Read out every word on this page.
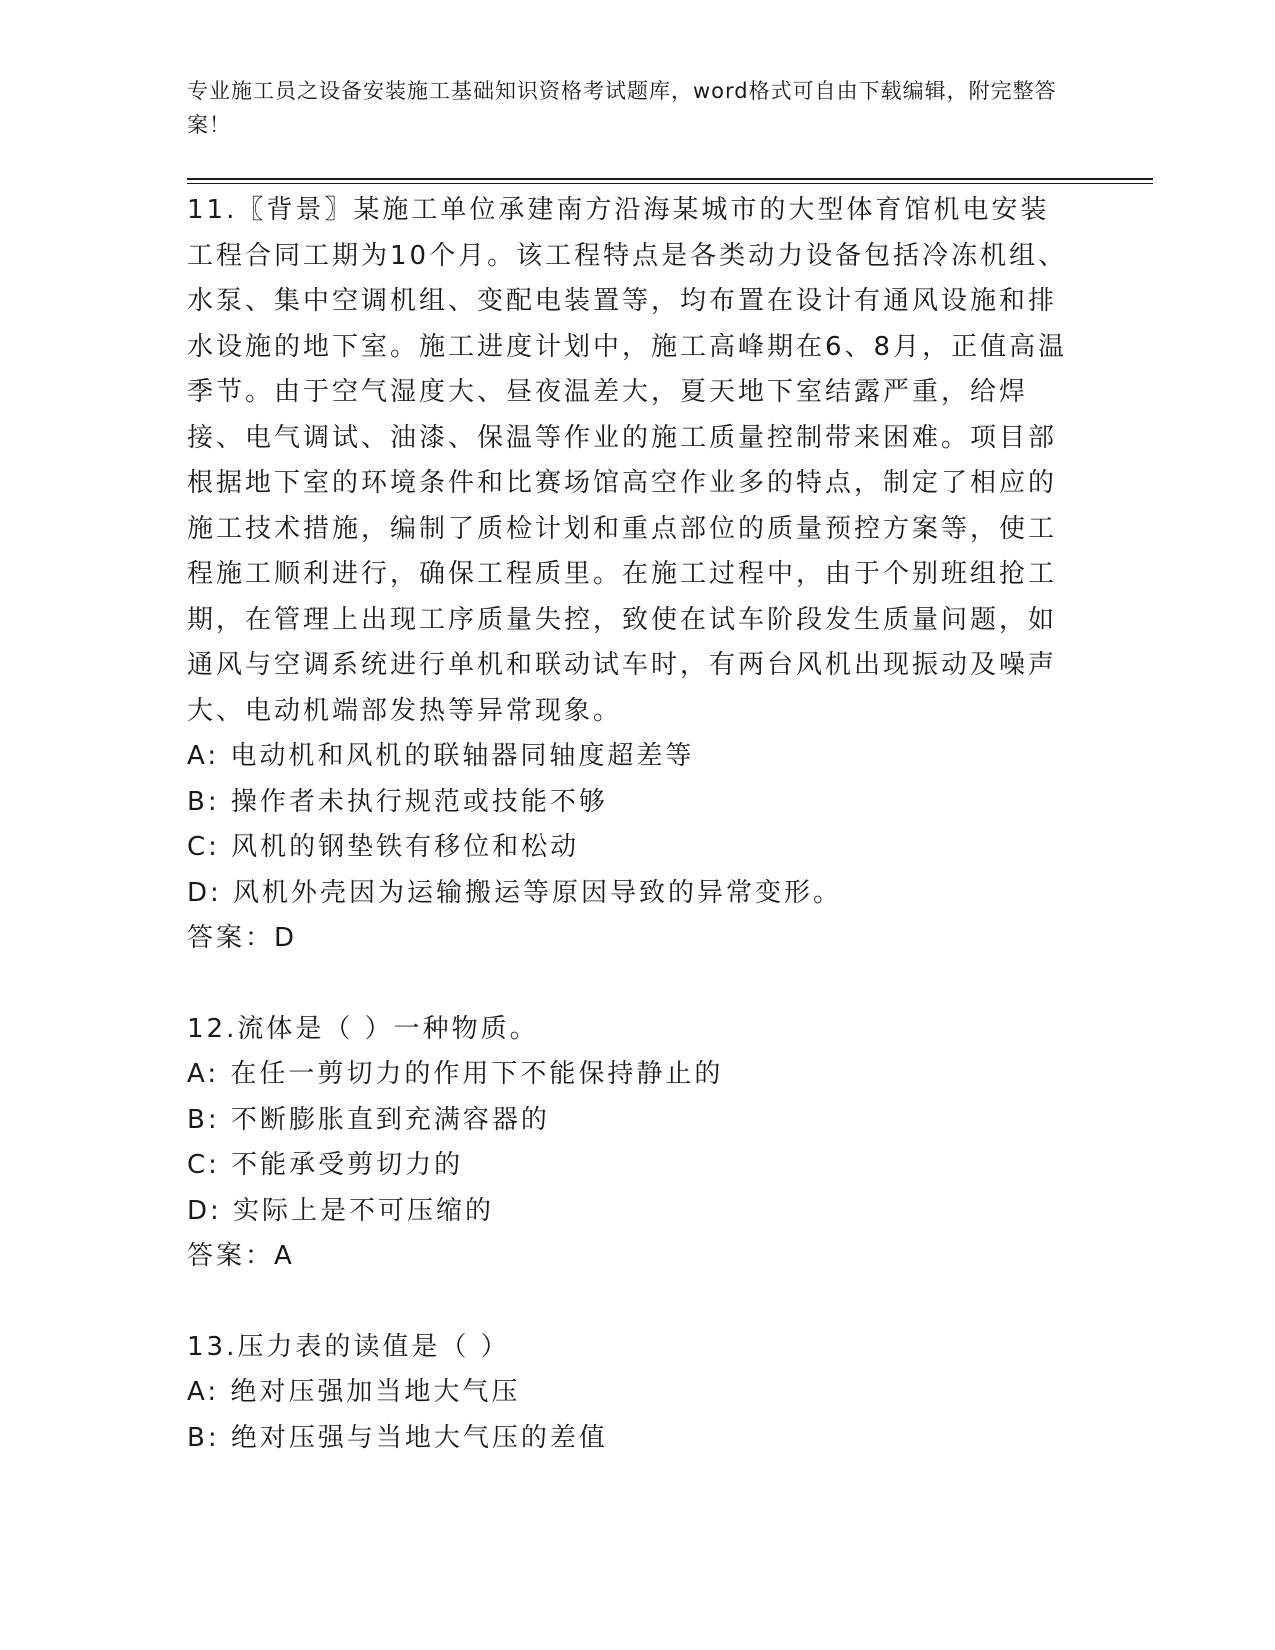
专业施工员之设备安装施工基础知识资格考试题库，word格式可自由下载编辑，附完整答案！
11.〖背景〗某施工单位承建南方沿海某城市的大型体育馆机电安装工程合同工期为10个月。该工程特点是各类动力设备包括冷冻机组、水泵、集中空调机组、变配电装置等，均布置在设计有通风设施和排水设施的地下室。施工进度计划中，施工高峰期在6、8月，正值高温季节。由于空气湿度大、昼夜温差大，夏天地下室结露严重，给焊接、电气调试、油漆、保温等作业的施工质量控制带来困难。项目部根据地下室的环境条件和比赛场馆高空作业多的特点，制定了相应的施工技术措施，编制了质检计划和重点部位的质量预控方案等，使工程施工顺利进行，确保工程质里。在施工过程中，由于个别班组抢工期，在管理上出现工序质量失控，致使在试车阶段发生质量问题，如通风与空调系统进行单机和联动试车时，有两台风机出现振动及噪声大、电动机端部发热等异常现象。
A: 电动机和风机的联轴器同轴度超差等
B: 操作者未执行规范或技能不够
C: 风机的钢垫铁有移位和松动
D: 风机外壳因为运输搬运等原因导致的异常变形。
答案：D
12.流体是（ ）一种物质。
A: 在任一剪切力的作用下不能保持静止的
B: 不断膨胀直到充满容器的
C: 不能承受剪切力的
D: 实际上是不可压缩的
答案：A
13.压力表的读值是（ ）
A: 绝对压强加当地大气压
B: 绝对压强与当地大气压的差值
